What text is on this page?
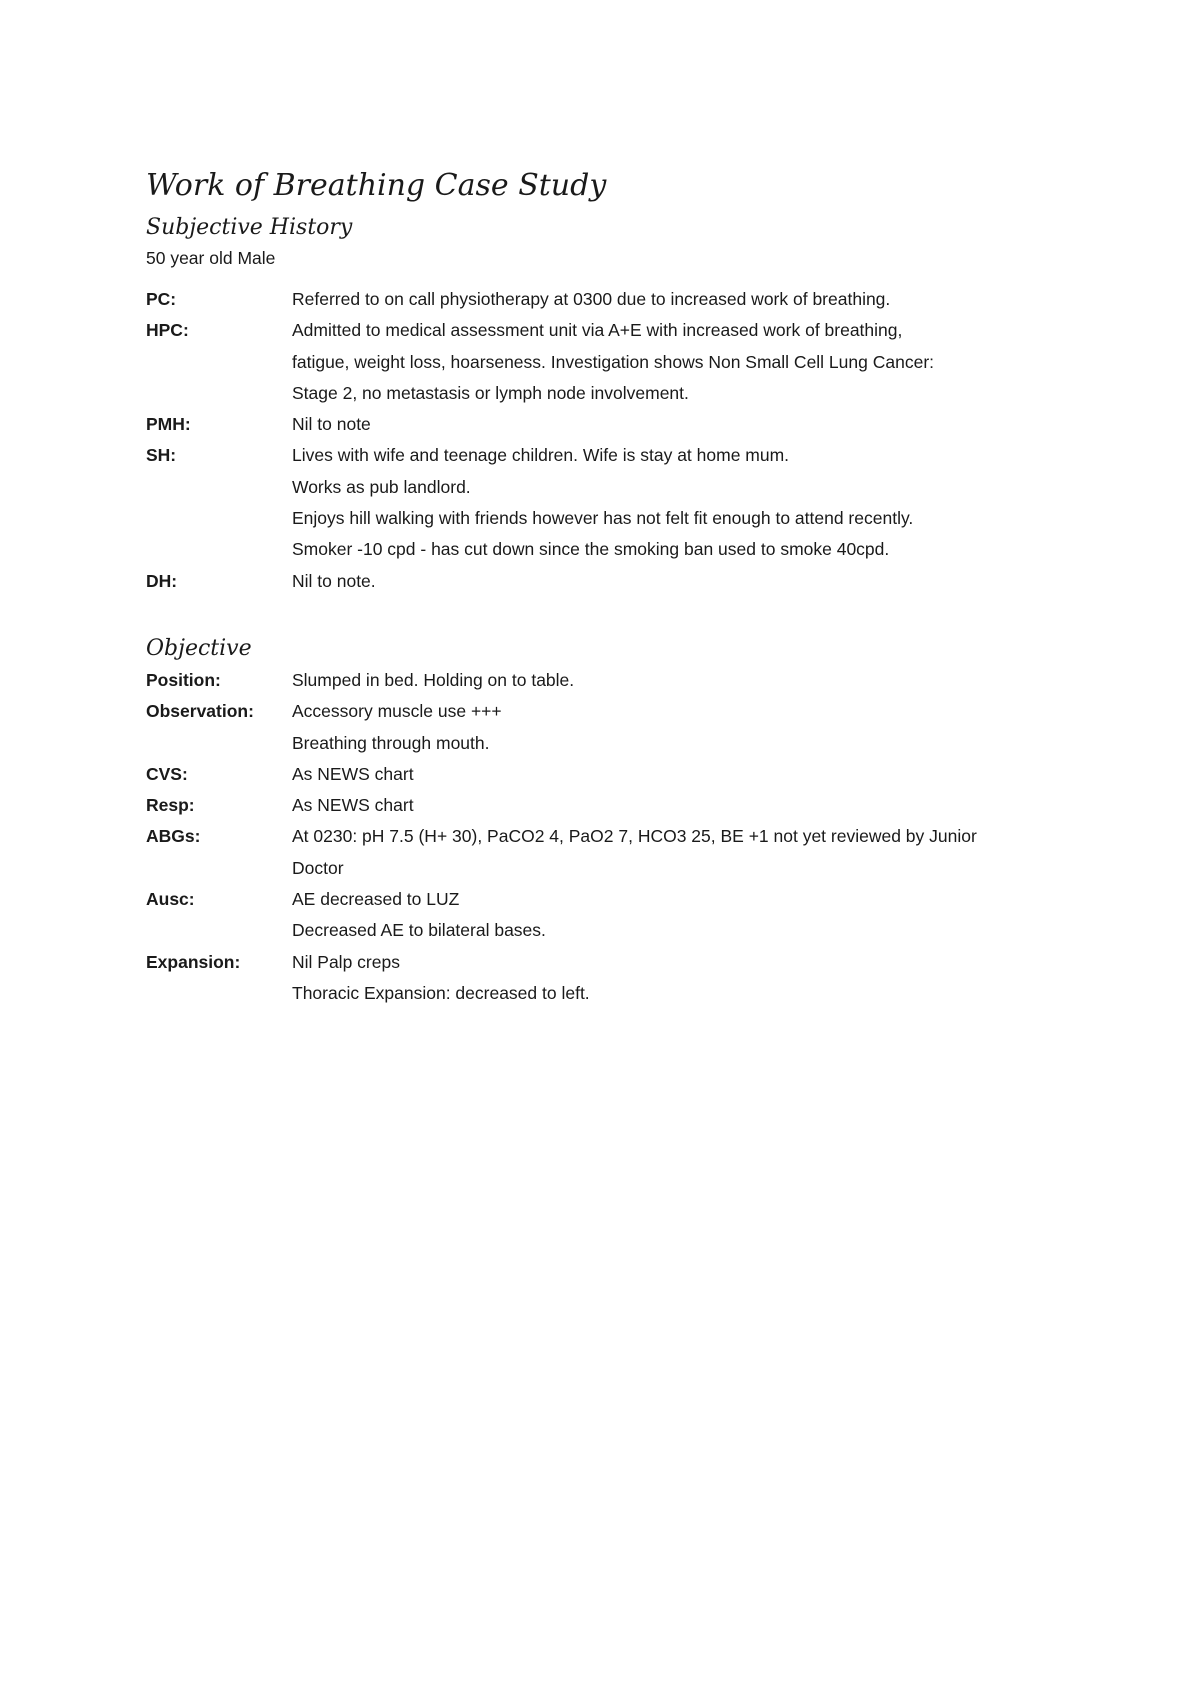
Work of Breathing Case Study
Subjective History
50 year old Male
PC:	Referred to on call physiotherapy at 0300 due to increased work of breathing.
HPC:	Admitted to medical assessment unit via A+E with increased work of breathing,
fatigue, weight loss, hoarseness. Investigation shows Non Small Cell Lung Cancer:
Stage 2, no metastasis or lymph node involvement.
PMH:	Nil to note
SH:	Lives with wife and teenage children. Wife is stay at home mum.
Works as pub landlord.
Enjoys hill walking with friends however has not felt fit enough to attend recently.
Smoker -10 cpd - has cut down since the smoking ban used to smoke 40cpd.
DH:	Nil to note.
Objective
Position:	Slumped in bed. Holding on to table.
Observation:	Accessory muscle use +++
Breathing through mouth.
CVS:	As NEWS chart
Resp:	As NEWS chart
ABGs:	At 0230: pH 7.5 (H+ 30), PaCO2 4, PaO2 7, HCO3 25, BE +1 not yet reviewed by Junior
Doctor
Ausc:	AE decreased to LUZ
Decreased AE to bilateral bases.
Expansion:	Nil Palp creps
Thoracic Expansion: decreased to left.
